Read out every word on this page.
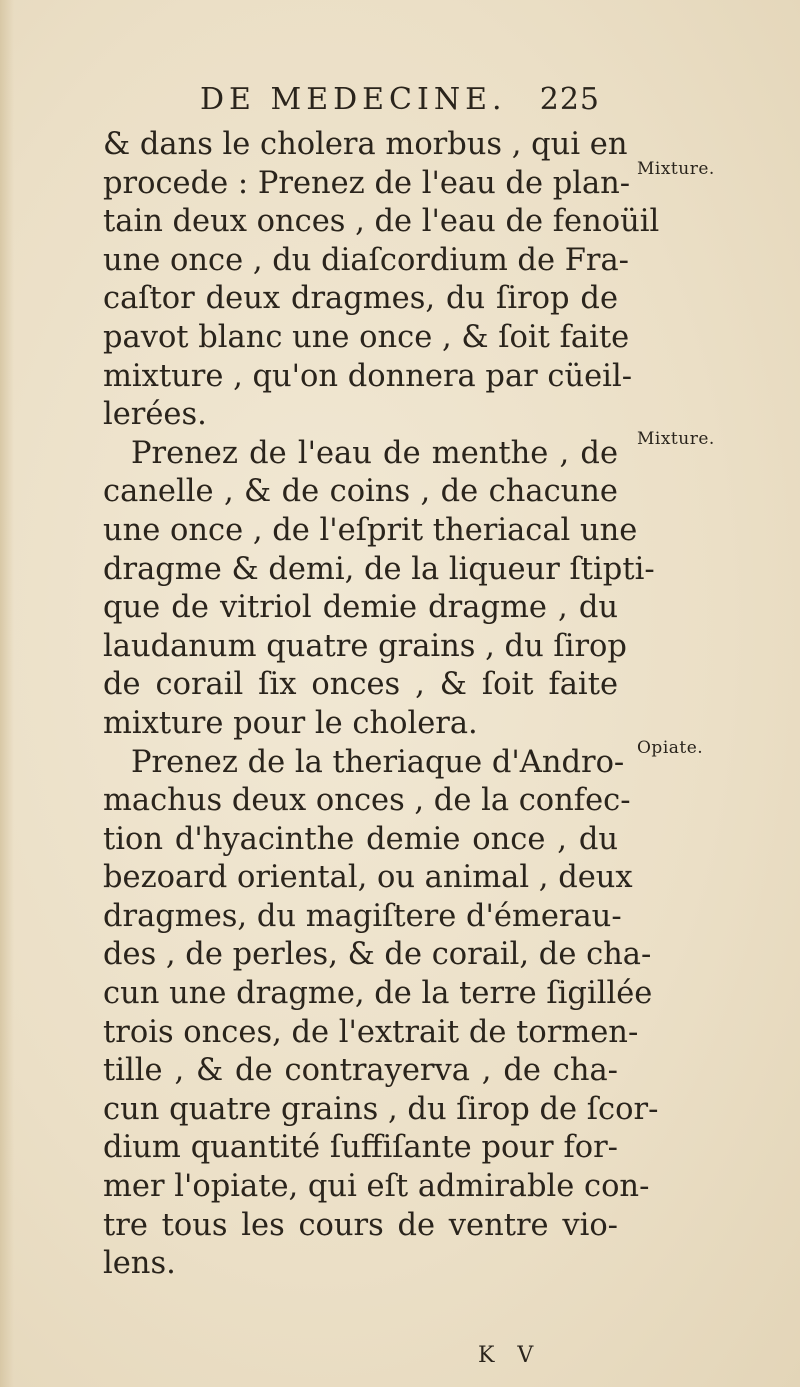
DE MEDECINE. 225
& dans le cholera morbus , qui en
procede : Prenez de l'eau de plan-
tain deux onces , de l'eau de fenoüil
une once , du diaſcordium de Fra-
caſtor deux dragmes, du ſirop de
pavot blanc une once , & ſoit faite
mixture , qu'on donnera par cüeil-
lerées.
Prenez de l'eau de menthe , de
canelle , & de coins , de chacune
une once , de l'eſprit theriacal une
dragme & demi, de la liqueur ſtipti-
que de vitriol demie dragme , du
laudanum quatre grains , du ſirop
de corail ſix onces , & ſoit faite
mixture pour le cholera.
Prenez de la theriaque d'Andro-
machus deux onces , de la confec-
tion d'hyacinthe demie once , du
bezoard oriental, ou animal , deux
dragmes, du magiſtere d'émerau-
des , de perles, & de corail, de cha-
cun une dragme, de la terre ſigillée
trois onces, de l'extrait de tormen-
tille , & de contrayerva , de cha-
cun quatre grains , du ſirop de ſcor-
dium quantité ſuffiſante pour for-
mer l'opiate, qui eſt admirable con-
tre tous les cours de ventre vio-
lens.
Mixture.
Mixture.
Opiate.
K V
